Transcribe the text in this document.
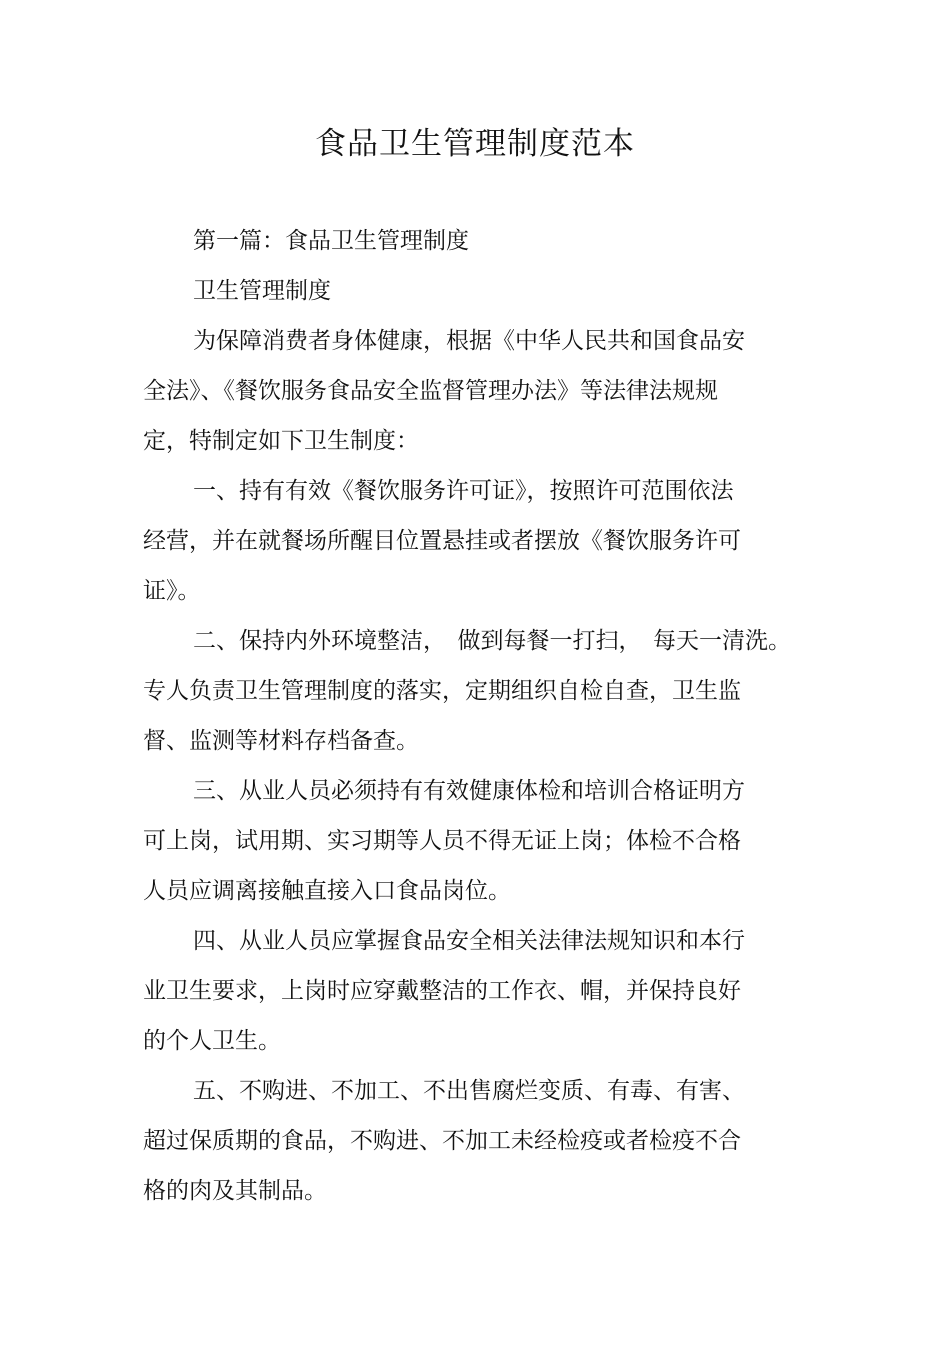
食品卫生管理制度范本

第一篇：食品卫生管理制度

卫生管理制度

为保障消费者身体健康，根据《中华人民共和国食品安

全法》、《餐饮服务食品安全监督管理办法》等法律法规规

定，特制定如下卫生制度：

一、持有有效《餐饮服务许可证》，按照许可范围依法

经营，并在就餐场所醒目位置悬挂或者摆放《餐饮服务许可

证》。

二、保持内外环境整洁，　做到每餐一打扫，　每天一清洗。

专人负责卫生管理制度的落实，定期组织自检自查，卫生监

督、监测等材料存档备查。

三、从业人员必须持有有效健康体检和培训合格证明方

可上岗，试用期、实习期等人员不得无证上岗；体检不合格

人员应调离接触直接入口食品岗位。

四、从业人员应掌握食品安全相关法律法规知识和本行

业卫生要求，上岗时应穿戴整洁的工作衣、帽，并保持良好

的个人卫生。

五、不购进、不加工、不出售腐烂变质、有毒、有害、

超过保质期的食品，不购进、不加工未经检疫或者检疫不合

格的肉及其制品。
